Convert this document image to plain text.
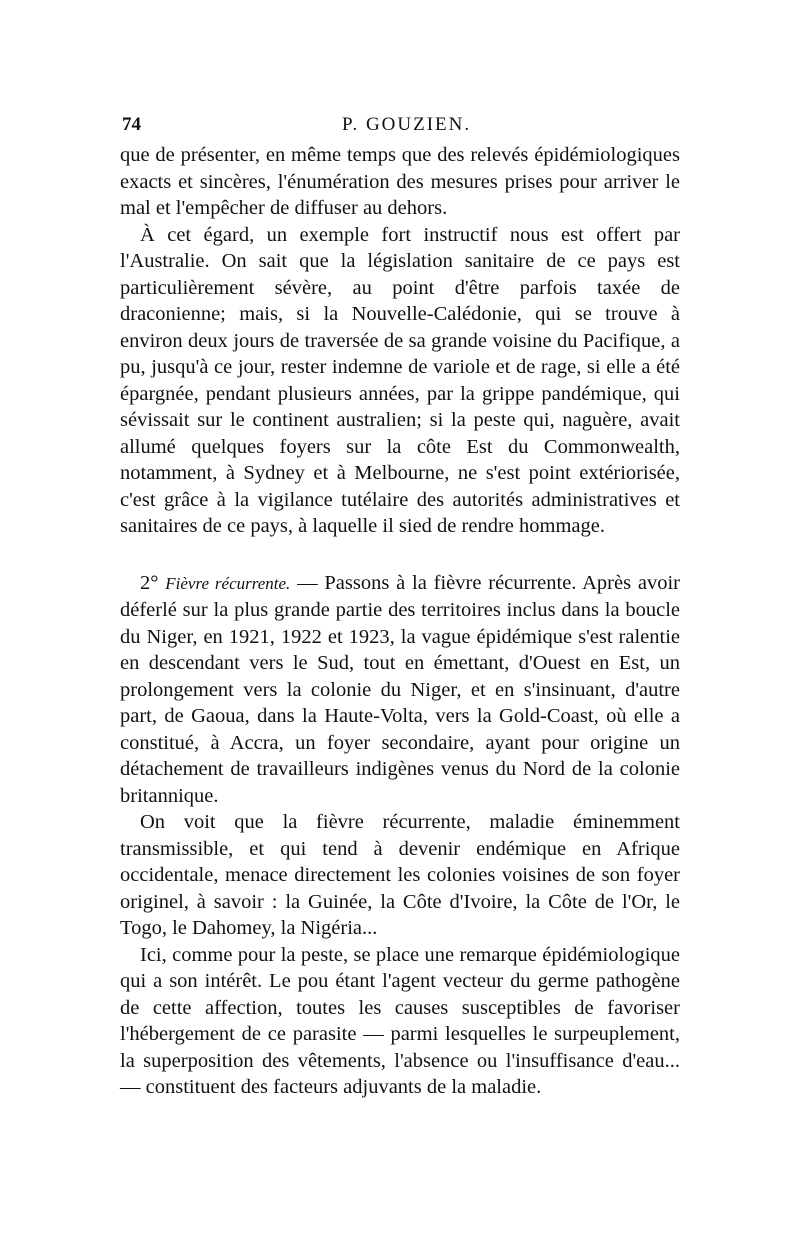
74	P. GOUZIEN.

que de présenter, en même temps que des relevés épidémiologiques exacts et sincères, l'énumération des mesures prises pour arriver le mal et l'empêcher de diffuser au dehors.

À cet égard, un exemple fort instructif nous est offert par l'Australie. On sait que la législation sanitaire de ce pays est particulièrement sévère, au point d'être parfois taxée de draconienne; mais, si la Nouvelle-Calédonie, qui se trouve à environ deux jours de traversée de sa grande voisine du Pacifique, a pu, jusqu'à ce jour, rester indemne de variole et de rage, si elle a été épargnée, pendant plusieurs années, par la grippe pandémique, qui sévissait sur le continent australien; si la peste qui, naguère, avait allumé quelques foyers sur la côte Est du Commonwealth, notamment, à Sydney et à Melbourne, ne s'est point extériorisée, c'est grâce à la vigilance tutélaire des autorités administratives et sanitaires de ce pays, à laquelle il sied de rendre hommage.

2° Fièvre récurrente. — Passons à la fièvre récurrente. Après avoir déferlé sur la plus grande partie des territoires inclus dans la boucle du Niger, en 1921, 1922 et 1923, la vague épidémique s'est ralentie en descendant vers le Sud, tout en émettant, d'Ouest en Est, un prolongement vers la colonie du Niger, et en s'insinuant, d'autre part, de Gaoua, dans la Haute-Volta, vers la Gold-Coast, où elle a constitué, à Accra, un foyer secondaire, ayant pour origine un détachement de travailleurs indigènes venus du Nord de la colonie britannique.

On voit que la fièvre récurrente, maladie éminemment transmissible, et qui tend à devenir endémique en Afrique occidentale, menace directement les colonies voisines de son foyer originel, à savoir : la Guinée, la Côte d'Ivoire, la Côte de l'Or, le Togo, le Dahomey, la Nigéria...

Ici, comme pour la peste, se place une remarque épidémiologique qui a son intérêt. Le pou étant l'agent vecteur du germe pathogène de cette affection, toutes les causes susceptibles de favoriser l'hébergement de ce parasite — parmi lesquelles le surpeuplement, la superposition des vêtements, l'absence ou l'insuffisance d'eau... — constituent des facteurs adjuvants de la maladie.
